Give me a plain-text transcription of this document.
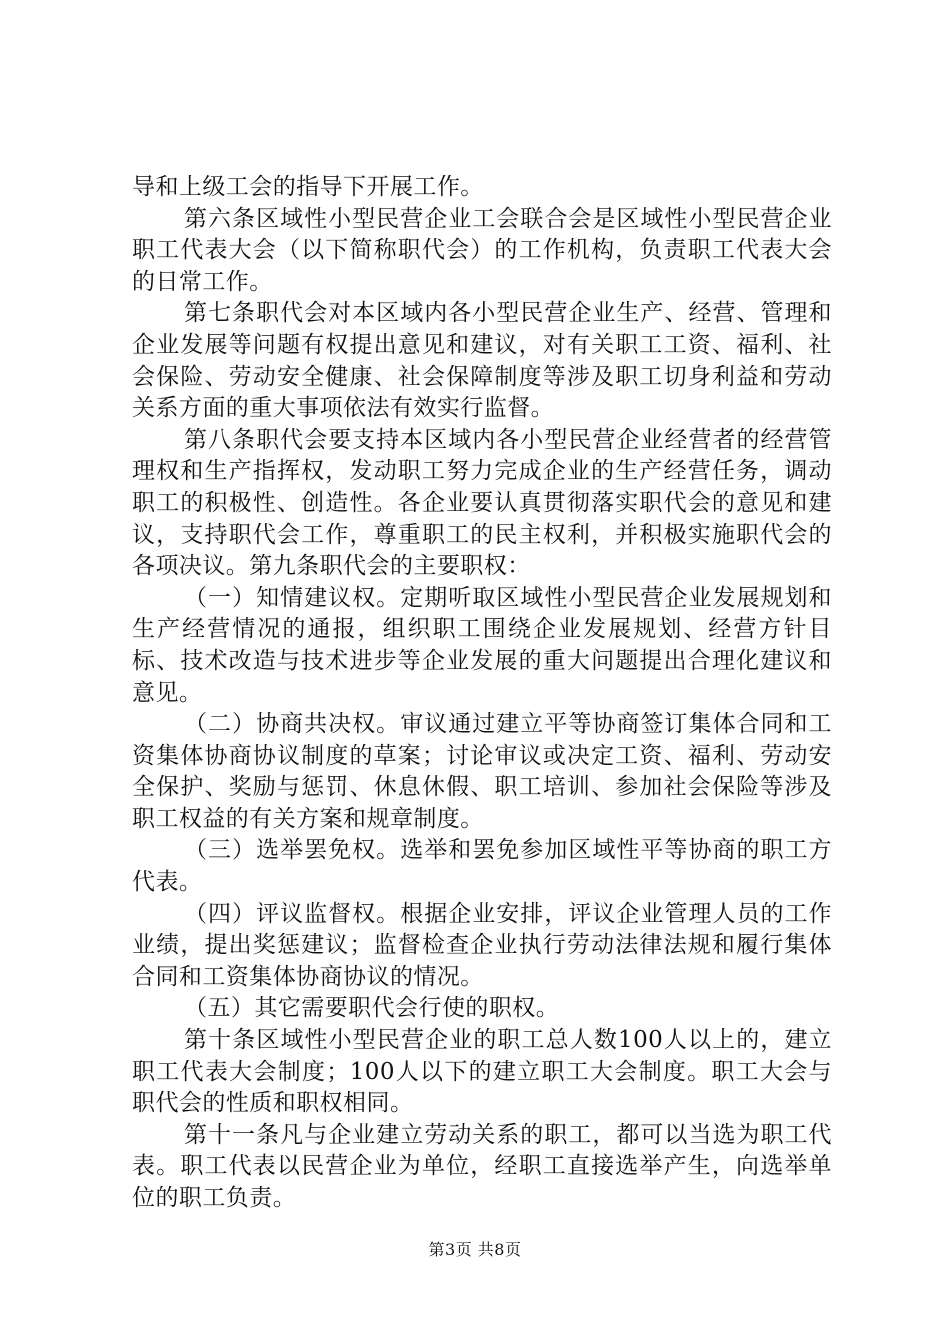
导和上级工会的指导下开展工作。

第六条区域性小型民营企业工会联合会是区域性小型民营企业职工代表大会（以下简称职代会）的工作机构，负责职工代表大会的日常工作。

第七条职代会对本区域内各小型民营企业生产、经营、管理和企业发展等问题有权提出意见和建议，对有关职工工资、福利、社会保险、劳动安全健康、社会保障制度等涉及职工切身利益和劳动关系方面的重大事项依法有效实行监督。

第八条职代会要支持本区域内各小型民营企业经营者的经营管理权和生产指挥权，发动职工努力完成企业的生产经营任务，调动职工的积极性、创造性。各企业要认真贯彻落实职代会的意见和建议，支持职代会工作，尊重职工的民主权利，并积极实施职代会的各项决议。第九条职代会的主要职权：

（一）知情建议权。定期听取区域性小型民营企业发展规划和生产经营情况的通报，组织职工围绕企业发展规划、经营方针目标、技术改造与技术进步等企业发展的重大问题提出合理化建议和意见。

（二）协商共决权。审议通过建立平等协商签订集体合同和工资集体协商协议制度的草案；讨论审议或决定工资、福利、劳动安全保护、奖励与惩罚、休息休假、职工培训、参加社会保险等涉及职工权益的有关方案和规章制度。

（三）选举罢免权。选举和罢免参加区域性平等协商的职工方代表。

（四）评议监督权。根据企业安排，评议企业管理人员的工作业绩，提出奖惩建议；监督检查企业执行劳动法律法规和履行集体合同和工资集体协商协议的情况。

（五）其它需要职代会行使的职权。

第十条区域性小型民营企业的职工总人数100人以上的，建立职工代表大会制度；100人以下的建立职工大会制度。职工大会与职代会的性质和职权相同。

第十一条凡与企业建立劳动关系的职工，都可以当选为职工代表。职工代表以民营企业为单位，经职工直接选举产生，向选举单位的职工负责。

第3页 共8页
